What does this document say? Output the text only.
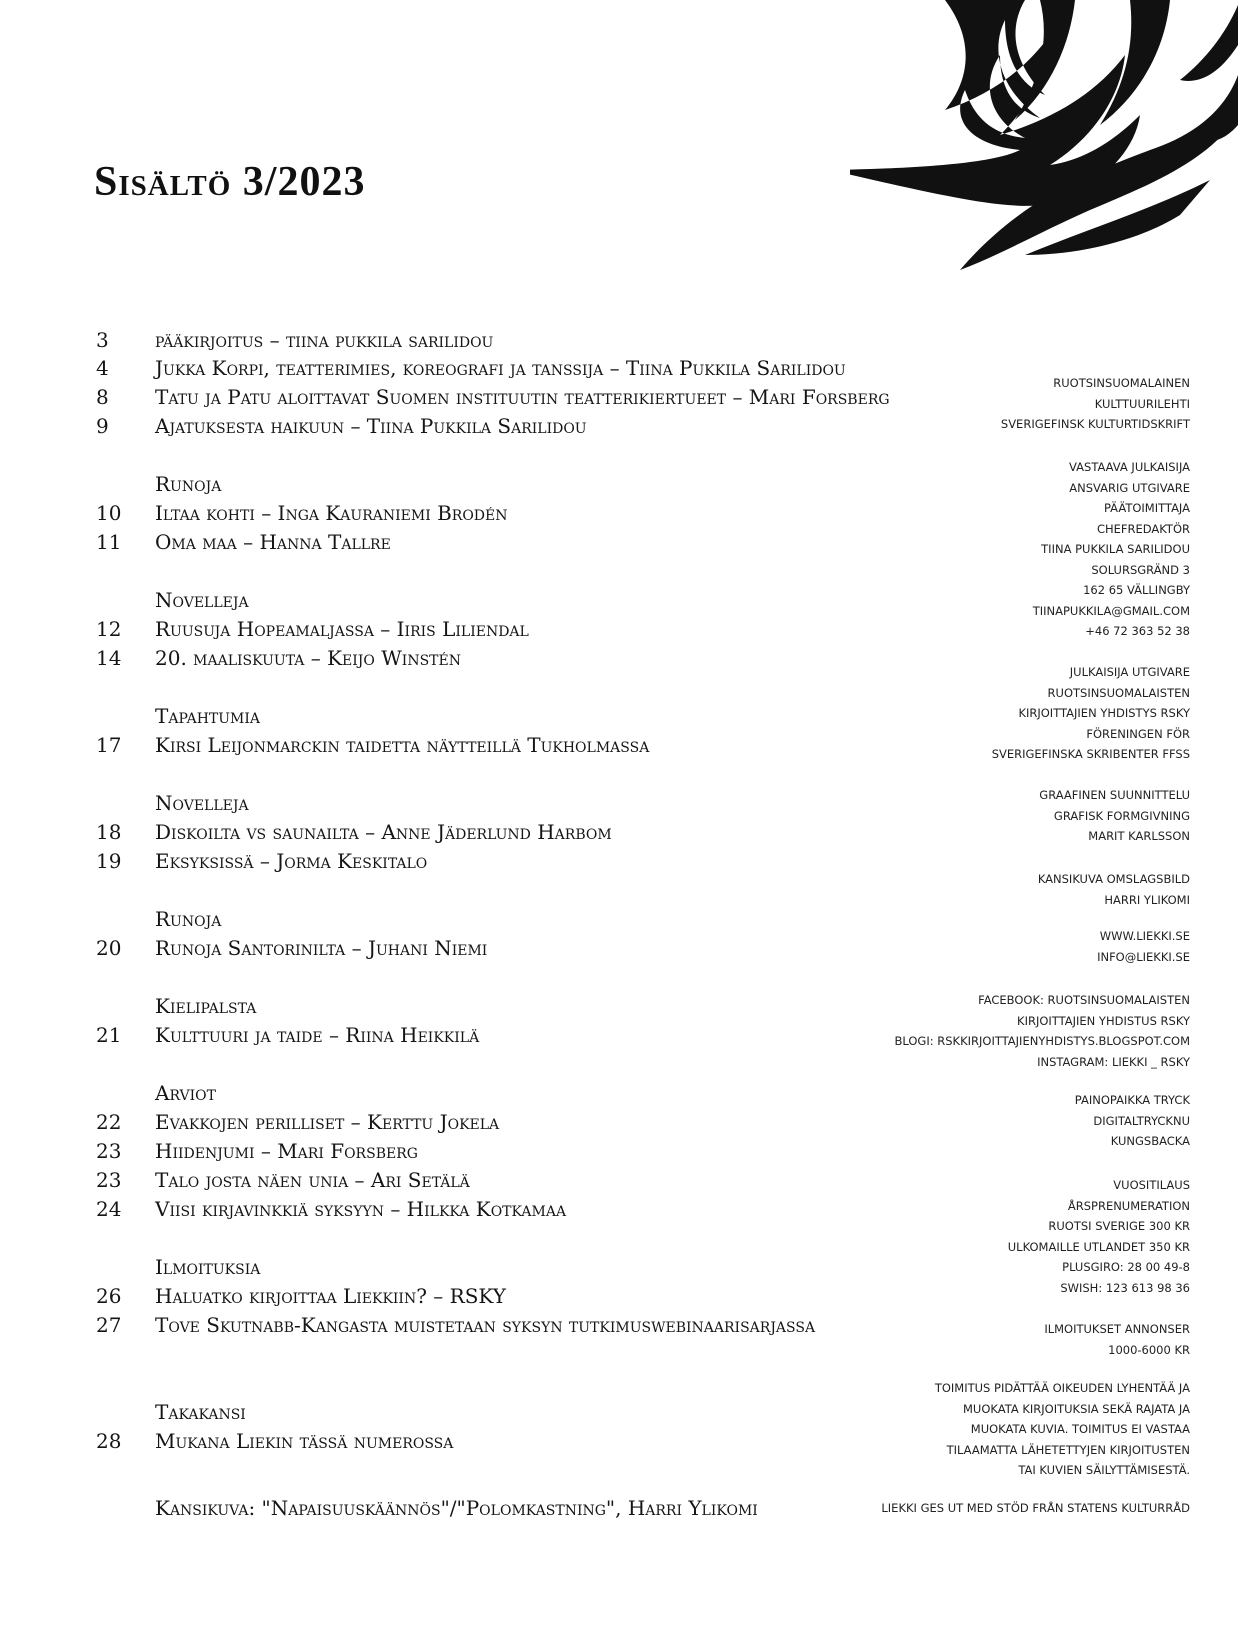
Sisältö 3/2023
3	pääkirjoitus – tiina pukkila sarilidou
4	Jukka Korpi, teatterimies, koreografi ja tanssija – Tiina Pukkila Sarilidou
8	Tatu ja Patu aloittavat Suomen instituutin teatterikiertueet – Mari Forsberg
9	Ajatuksesta haikuun – Tiina Pukkila Sarilidou
Runoja
10	Iltaa kohti – Inga Kauraniemi Brodén
11	Oma maa – Hanna Tallre
Novelleja
12	Ruusuja Hopeamaljassa – Iiris Liliendal
14	20. maaliskuuta – Keijo Winstén
Tapahtumia
17	Kirsi Leijonmarckin taidetta näytteillä Tukholmassa
Novelleja
18	Diskoilta vs saunailta – Anne Jäderlund Harbom
19	Eksyksissä – Jorma Keskitalo
Runoja
20	Runoja Santorinilta – Juhani Niemi
Kielipalsta
21	Kulttuuri ja taide – Riina Heikkilä
Arviot
22	Evakkojen perilliset – Kerttu Jokela
23	Hiidenjumi – Mari Forsberg
23	Talo josta näen unia – Ari Setälä
24	Viisi kirjavinkkiä syksyyn – Hilkka Kotkamaa
Ilmoituksia
26	Haluatko kirjoittaa Liekkiin? – RSKY
27	Tove Skutnabb-Kangasta muistetaan syksyn tutkimuswebinaarisarjassa
Takakansi
28	Mukana Liekin tässä numerossa
Kansikuva: "Napaisuuskäännös"/"Polomkastning", Harri Ylikomi
RUOTSINSUOMALAINEN
KULTTUURILEHTI
SVERIGEFINSK KULTURTIDSKRIFT
VASTAAVA JULKAISIJA
ANSVARIG UTGIVARE
PÄÄTOIMITTAJA
CHEFREDAKTÖR
TIINA PUKKILA SARILIDOU
SOLURSGRÄND 3
162 65 VÄLLINGBY
TIINAPUKKILA@GMAIL.COM
+46 72 363 52 38
JULKAISIJA UTGIVARE
RUOTSINSUOMALAISTEN
KIRJOITTAJIEN YHDISTYS RSKY
FÖRENINGEN FÖR
SVERIGEFINSKA SKRIBENTER FFSS
GRAAFINEN SUUNNITTELU
GRAFISK FORMGIVNING
MARIT KARLSSON
KANSIKUVA OMSLAGSBILD
HARRI YLIKOMI
WWW.LIEKKI.SE
INFO@LIEKKI.SE
FACEBOOK: RUOTSINSUOMALAISTEN
KIRJOITTAJIEN YHDISTUS RSKY
BLOGI: RSKKIRJOITTAJIENYHDISTYS.BLOGSPOT.COM
INSTAGRAM: LIEKKI _ RSKY
PAINOPAIKKA TRYCK
DIGITALTRYCKNU
KUNGSBACKA
VUOSITILAUS
ÅRSPRENUMERATION
RUOTSI SVERIGE 300 KR
ULKOMAILLE UTLANDET 350 KR
PLUSGIRO: 28 00 49-8
SWISH: 123 613 98 36
ILMOITUKSET ANNONSER
1000-6000 KR
TOIMITUS PIDÄTTÄÄ OIKEUDEN LYHENTÄÄ JA
MUOKATA KIRJOITUKSIA SEKÄ RAJATA JA
MUOKATA KUVIA. TOIMITUS EI VASTAA
TILAAMATTA LÄHETETTYJEN KIRJOITUSTEN
TAI KUVIEN SÄILYTTÄMISESTÄ.
LIEKKI GES UT MED STÖD FRÅN STATENS KULTURRÅD
